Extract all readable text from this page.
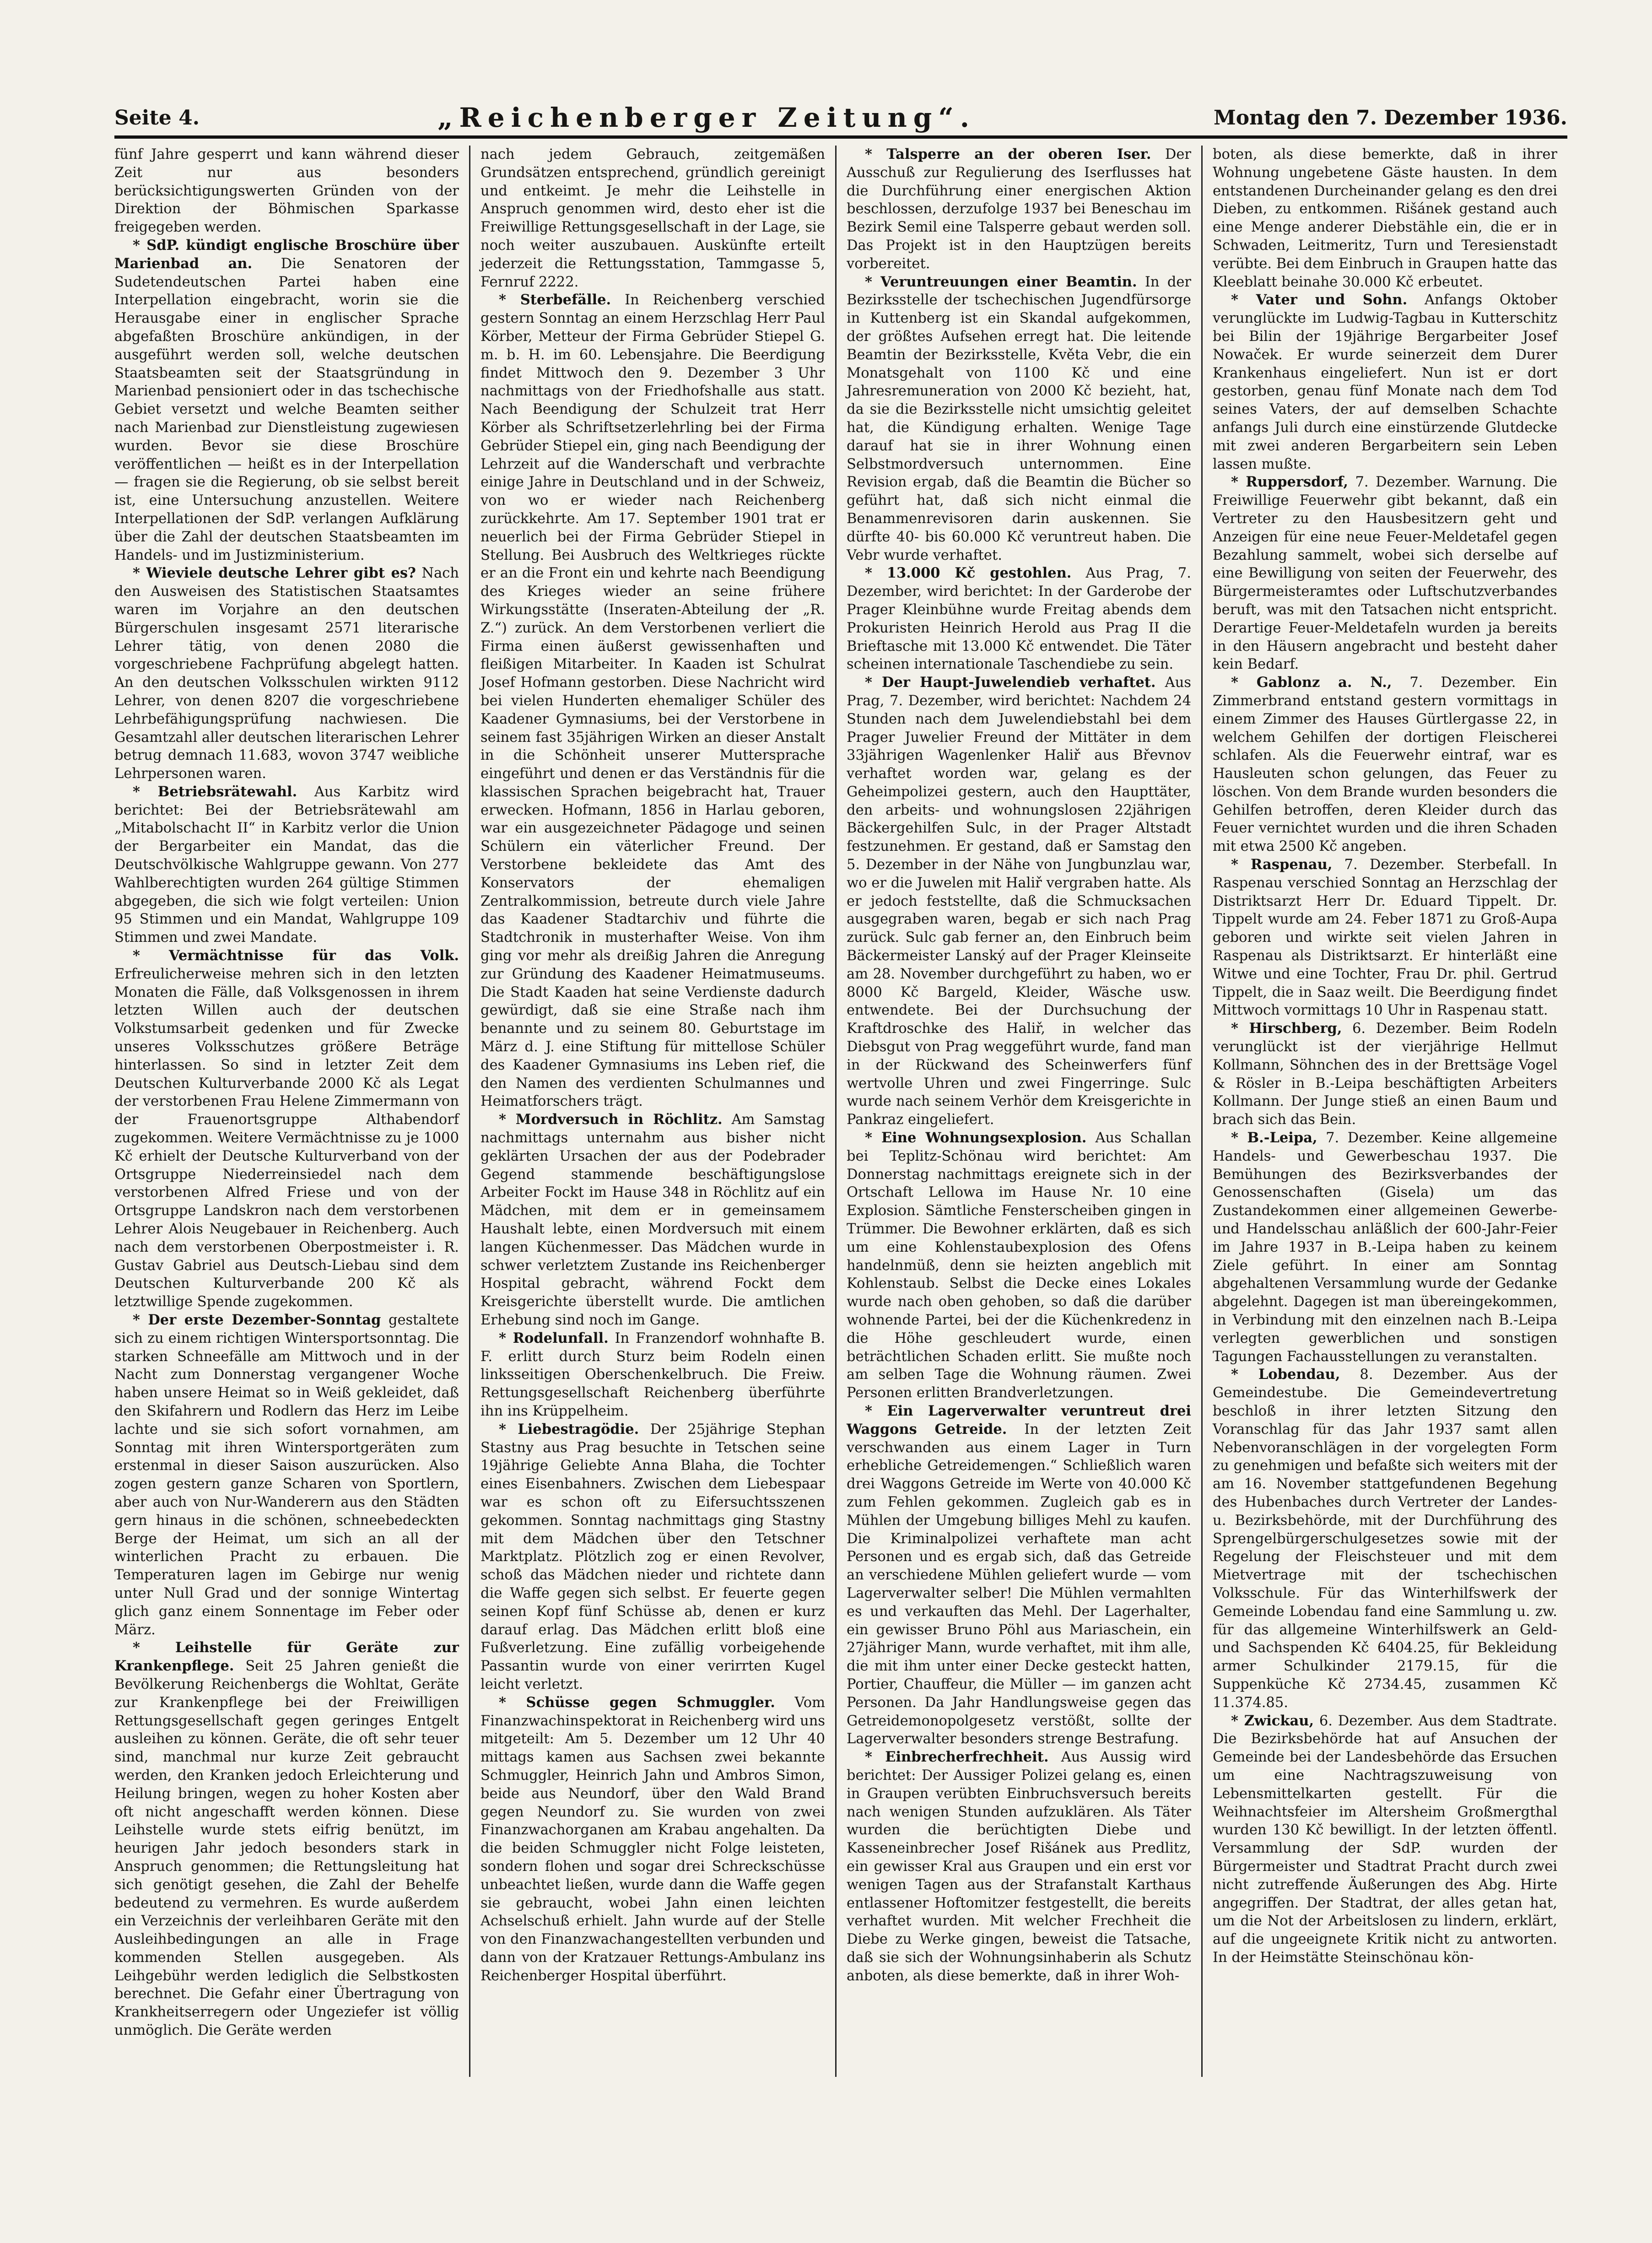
Seite 4.	„Reichenberger Zeitung“.	Montag den 7. Dezember 1936.

fünf Jahre gesperrt und kann während dieser Zeit nur aus besonders berücksichtigungswerten Gründen von der Direktion der Böhmischen Sparkasse freigegeben werden.

* SdP. kündigt englische Broschüre über Marienbad an. Die Senatoren der Sudetendeutschen Partei haben eine Interpellation eingebracht, worin sie die Herausgabe einer in englischer Sprache abgefaßten Broschüre ankündigen, in der ausgeführt werden soll, welche deutschen Staatsbeamten seit der Staatsgründung in Marienbad pensioniert oder in das tschechische Gebiet versetzt und welche Beamten seither nach Marienbad zur Dienstleistung zugewiesen wurden. Bevor sie diese Broschüre veröffentlichen — heißt es in der Interpellation — fragen sie die Regierung, ob sie selbst bereit ist, eine Untersuchung anzustellen. Weitere Interpellationen der SdP. verlangen Aufklärung über die Zahl der deutschen Staatsbeamten im Handels- und im Justizministerium.

* Wieviele deutsche Lehrer gibt es? Nach den Ausweisen des Statistischen Staatsamtes waren im Vorjahre an den deutschen Bürgerschulen insgesamt 2571 literarische Lehrer tätig, von denen 2080 die vorgeschriebene Fachprüfung abgelegt hatten. An den deutschen Volksschulen wirkten 9112 Lehrer, von denen 8207 die vorgeschriebene Lehrbefähigungsprüfung nachwiesen. Die Gesamtzahl aller deutschen literarischen Lehrer betrug demnach 11.683, wovon 3747 weibliche Lehrpersonen waren.

* Betriebsrätewahl. Aus Karbitz wird berichtet: Bei der Betriebsrätewahl am „Mitabolschacht II“ in Karbitz verlor die Union der Bergarbeiter ein Mandat, das die Deutschvölkische Wahlgruppe gewann. Von 277 Wahlberechtigten wurden 264 gültige Stimmen abgegeben, die sich wie folgt verteilen: Union 95 Stimmen und ein Mandat, Wahlgruppe 109 Stimmen und zwei Mandate.

* Vermächtnisse für das Volk. Erfreulicherweise mehren sich in den letzten Monaten die Fälle, daß Volksgenossen in ihrem letzten Willen auch der deutschen Volkstumsarbeit gedenken und für Zwecke unseres Volksschutzes größere Beträge hinterlassen. So sind in letzter Zeit dem Deutschen Kulturverbande 2000 Kč als Legat der verstorbenen Frau Helene Zimmermann von der Frauenortsgruppe Althabendorf zugekommen. Weitere Vermächtnisse zu je 1000 Kč erhielt der Deutsche Kulturverband von der Ortsgruppe Niederreinsiedel nach dem verstorbenen Alfred Friese und von der Ortsgruppe Landskron nach dem verstorbenen Lehrer Alois Neugebauer in Reichenberg. Auch nach dem verstorbenen Oberpostmeister i. R. Gustav Gabriel aus Deutsch-Liebau sind dem Deutschen Kulturverbande 200 Kč als letztwillige Spende zugekommen.

* Der erste Dezember-Sonntag gestaltete sich zu einem richtigen Wintersportsonntag. Die starken Schneefälle am Mittwoch und in der Nacht zum Donnerstag vergangener Woche haben unsere Heimat so in Weiß gekleidet, daß den Skifahrern und Rodlern das Herz im Leibe lachte und sie sich sofort vornahmen, am Sonntag mit ihren Wintersportgeräten zum erstenmal in dieser Saison auszurücken. Also zogen gestern ganze Scharen von Sportlern, aber auch von Nur-Wanderern aus den Städten gern hinaus in die schönen, schneebedeckten Berge der Heimat, um sich an all der winterlichen Pracht zu erbauen. Die Temperaturen lagen im Gebirge nur wenig unter Null Grad und der sonnige Wintertag glich ganz einem Sonnentage im Feber oder März.

* Leihstelle für Geräte zur Krankenpflege. Seit 25 Jahren genießt die Bevölkerung Reichenbergs die Wohltat, Geräte zur Krankenpflege bei der Freiwilligen Rettungsgesellschaft gegen geringes Entgelt ausleihen zu können. Geräte, die oft sehr teuer sind, manchmal nur kurze Zeit gebraucht werden, den Kranken jedoch Erleichterung und Heilung bringen, wegen zu hoher Kosten aber oft nicht angeschafft werden können. Diese Leihstelle wurde stets eifrig benützt, im heurigen Jahr jedoch besonders stark in Anspruch genommen; die Rettungsleitung hat sich genötigt gesehen, die Zahl der Behelfe bedeutend zu vermehren. Es wurde außerdem ein Verzeichnis der verleihbaren Geräte mit den Ausleihbedingungen an alle in Frage kommenden Stellen ausgegeben. Als Leihgebühr werden lediglich die Selbstkosten berechnet. Die Gefahr einer Übertragung von Krankheitserregern oder Ungeziefer ist völlig unmöglich. Die Geräte werden

nach jedem Gebrauch, zeitgemäßen Grundsätzen entsprechend, gründlich gereinigt und entkeimt. Je mehr die Leihstelle in Anspruch genommen wird, desto eher ist die Freiwillige Rettungsgesellschaft in der Lage, sie noch weiter auszubauen. Auskünfte erteilt jederzeit die Rettungsstation, Tammgasse 5, Fernruf 2222.

* Sterbefälle. In Reichenberg verschied gestern Sonntag an einem Herzschlag Herr Paul Körber, Metteur der Firma Gebrüder Stiepel G. m. b. H. im 60. Lebensjahre. Die Beerdigung findet Mittwoch den 9. Dezember 3 Uhr nachmittags von der Friedhofshalle aus statt. Nach Beendigung der Schulzeit trat Herr Körber als Schriftsetzerlehrling bei der Firma Gebrüder Stiepel ein, ging nach Beendigung der Lehrzeit auf die Wanderschaft und verbrachte einige Jahre in Deutschland und in der Schweiz, von wo er wieder nach Reichenberg zurückkehrte. Am 17. September 1901 trat er neuerlich bei der Firma Gebrüder Stiepel in Stellung. Bei Ausbruch des Weltkrieges rückte er an die Front ein und kehrte nach Beendigung des Krieges wieder an seine frühere Wirkungsstätte (Inseraten-Abteilung der „R. Z.“) zurück. An dem Verstorbenen verliert die Firma einen äußerst gewissenhaften und fleißigen Mitarbeiter. In Kaaden ist Schulrat Josef Hofmann gestorben. Diese Nachricht wird bei vielen Hunderten ehemaliger Schüler des Kaadener Gymnasiums, bei der Verstorbene in seinem fast 35jährigen Wirken an dieser Anstalt in die Schönheit unserer Muttersprache eingeführt und denen er das Verständnis für die klassischen Sprachen beigebracht hat, Trauer erwecken. Hofmann, 1856 in Harlau geboren, war ein ausgezeichneter Pädagoge und seinen Schülern ein väterlicher Freund. Der Verstorbene bekleidete das Amt des Konservators der ehemaligen Zentralkommission, betreute durch viele Jahre das Kaadener Stadtarchiv und führte die Stadtchronik in musterhafter Weise. Von ihm ging vor mehr als dreißig Jahren die Anregung zur Gründung des Kaadener Heimatmuseums. Die Stadt Kaaden hat seine Verdienste dadurch gewürdigt, daß sie eine Straße nach ihm benannte und zu seinem 80. Geburtstage im März d. J. eine Stiftung für mittellose Schüler des Kaadener Gymnasiums ins Leben rief, die den Namen des verdienten Schulmannes und Heimatforschers trägt.

* Mordversuch in Röchlitz. Am Samstag nachmittags unternahm aus bisher nicht geklärten Ursachen der aus der Podebrader Gegend stammende beschäftigungslose Arbeiter Fockt im Hause 348 in Röchlitz auf ein Mädchen, mit dem er in gemeinsamem Haushalt lebte, einen Mordversuch mit einem langen Küchenmesser. Das Mädchen wurde in schwer verletztem Zustande ins Reichenberger Hospital gebracht, während Fockt dem Kreisgerichte überstellt wurde. Die amtlichen Erhebung sind noch im Gange.

* Rodelunfall. In Franzendorf wohnhafte B. F. erlitt durch Sturz beim Rodeln einen linksseitigen Oberschenkelbruch. Die Freiw. Rettungsgesellschaft Reichenberg überführte ihn ins Krüppelheim.

* Liebestragödie. Der 25jährige Stephan Stastny aus Prag besuchte in Tetschen seine 19jährige Geliebte Anna Blaha, die Tochter eines Eisenbahners. Zwischen dem Liebespaar war es schon oft zu Eifersuchtsszenen gekommen. Sonntag nachmittags ging Stastny mit dem Mädchen über den Tetschner Marktplatz. Plötzlich zog er einen Revolver, schoß das Mädchen nieder und richtete dann die Waffe gegen sich selbst. Er feuerte gegen seinen Kopf fünf Schüsse ab, denen er kurz darauf erlag. Das Mädchen erlitt bloß eine Fußverletzung. Eine zufällig vorbeigehende Passantin wurde von einer verirrten Kugel leicht verletzt.

* Schüsse gegen Schmuggler. Vom Finanzwachinspektorat in Reichenberg wird uns mitgeteilt: Am 5. Dezember um 12 Uhr 40 mittags kamen aus Sachsen zwei bekannte Schmuggler, Heinrich Jahn und Ambros Simon, beide aus Neundorf, über den Wald Brand gegen Neundorf zu. Sie wurden von zwei Finanzwachorganen am Krabau angehalten. Da die beiden Schmuggler nicht Folge leisteten, sondern flohen und sogar drei Schreckschüsse unbeachtet ließen, wurde dann die Waffe gegen sie gebraucht, wobei Jahn einen leichten Achselschuß erhielt. Jahn wurde auf der Stelle von den Finanzwachangestellten verbunden und dann von der Kratzauer Rettungs-Ambulanz ins Reichenberger Hospital überführt.

* Talsperre an der oberen Iser. Der Ausschuß zur Regulierung des Iserflusses hat die Durchführung einer energischen Aktion beschlossen, derzufolge 1937 bei Beneschau im Bezirk Semil eine Talsperre gebaut werden soll. Das Projekt ist in den Hauptzügen bereits vorbereitet.

* Veruntreuungen einer Beamtin. In der Bezirksstelle der tschechischen Jugendfürsorge in Kuttenberg ist ein Skandal aufgekommen, der größtes Aufsehen erregt hat. Die leitende Beamtin der Bezirksstelle, Květa Vebr, die ein Monatsgehalt von 1100 Kč und eine Jahresremuneration von 2000 Kč bezieht, hat, da sie die Bezirksstelle nicht umsichtig geleitet hat, die Kündigung erhalten. Wenige Tage darauf hat sie in ihrer Wohnung einen Selbstmordversuch unternommen. Eine Revision ergab, daß die Beamtin die Bücher so geführt hat, daß sich nicht einmal die Benammenrevisoren darin auskennen. Sie dürfte 40- bis 60.000 Kč veruntreut haben. Die Vebr wurde verhaftet.

* 13.000 Kč gestohlen. Aus Prag, 7. Dezember, wird berichtet: In der Garderobe der Prager Kleinbühne wurde Freitag abends dem Prokuristen Heinrich Herold aus Prag II die Brieftasche mit 13.000 Kč entwendet. Die Täter scheinen internationale Taschendiebe zu sein.

* Der Haupt-Juwelendieb verhaftet. Aus Prag, 7. Dezember, wird berichtet: Nachdem 24 Stunden nach dem Juwelendiebstahl bei dem Prager Juwelier Freund der Mittäter in dem 33jährigen Wagenlenker Haliř aus Břevnov verhaftet worden war, gelang es der Geheimpolizei gestern, auch den Haupttäter, den arbeits- und wohnungslosen 22jährigen Bäckergehilfen Sulc, in der Prager Altstadt festzunehmen. Er gestand, daß er Samstag den 5. Dezember in der Nähe von Jungbunzlau war, wo er die Juwelen mit Haliř vergraben hatte. Als er jedoch feststellte, daß die Schmucksachen ausgegraben waren, begab er sich nach Prag zurück. Sulc gab ferner an, den Einbruch beim Bäckermeister Lanský auf der Prager Kleinseite am 28. November durchgeführt zu haben, wo er 8000 Kč Bargeld, Kleider, Wäsche usw. entwendete. Bei der Durchsuchung der Kraftdroschke des Haliř, in welcher das Diebsgut von Prag weggeführt wurde, fand man in der Rückwand des Scheinwerfers fünf wertvolle Uhren und zwei Fingerringe. Sulc wurde nach seinem Verhör dem Kreisgerichte in Pankraz eingeliefert.

* Eine Wohnungsexplosion. Aus Schallan bei Teplitz-Schönau wird berichtet: Am Donnerstag nachmittags ereignete sich in der Ortschaft Lellowa im Hause Nr. 10 eine Explosion. Sämtliche Fensterscheiben gingen in Trümmer. Die Bewohner erklärten, daß es sich um eine Kohlenstaubexplosion des Ofens handelnmüß, denn sie heizten angeblich mit Kohlenstaub. Selbst die Decke eines Lokales wurde nach oben gehoben, so daß die darüber wohnende Partei, bei der die Küchenkredenz in die Höhe geschleudert wurde, einen beträchtlichen Schaden erlitt. Sie mußte noch am selben Tage die Wohnung räumen. Zwei Personen erlitten Brandverletzungen.

* Ein Lagerverwalter veruntreut drei Waggons Getreide. In der letzten Zeit verschwanden aus einem Lager in Turn erhebliche Getreidemengen.“ Schließlich waren drei Waggons Getreide im Werte von 40.000 Kč zum Fehlen gekommen. Zugleich gab es in Mühlen der Umgebung billiges Mehl zu kaufen. Die Kriminalpolizei verhaftete man acht Personen und es ergab sich, daß das Getreide an verschiedene Mühlen geliefert wurde — vom Lagerverwalter selber! Die Mühlen vermahlten es und verkauften das Mehl. Der Lagerhalter, ein gewisser Bruno Pöhl aus Mariaschein, ein 27jähriger Mann, wurde verhaftet, mit ihm alle, die mit ihm unter einer Decke gesteckt hatten, Portier, Chauffeur, die Müller — im ganzen acht Personen. Da Jahr Handlungsweise gegen das Getreidemonopolgesetz verstößt, sollte der Lagerverwalter besonders strenge Bestrafung.

* Einbrecherfrechheit. Aus Aussig wird berichtet: Der Aussiger Polizei gelang es, einen in Graupen verübten Einbruchsversuch bereits nach wenigen Stunden aufzuklären. Als Täter wurden die berüchtigten Diebe und Kasseneinbrecher Josef Rišánek aus Predlitz, ein gewisser Kral aus Graupen und ein erst vor wenigen Tagen aus der Strafanstalt Karthaus entlassener Hoftomitzer festgestellt, die bereits verhaftet wurden. Mit welcher Frechheit die Diebe zu Werke gingen, beweist die Tatsache, daß sie sich der Wohnungsinhaberin als Schutz anboten, als diese bemerkte, daß in ihrer Woh-

boten, als diese bemerkte, daß in ihrer Wohnung ungebetene Gäste hausten. In dem entstandenen Durcheinander gelang es den drei Dieben, zu entkommen. Rišánek gestand auch eine Menge anderer Diebstähle ein, die er in Schwaden, Leitmeritz, Turn und Teresienstadt verübte. Bei dem Einbruch in Graupen hatte das Kleeblatt beinahe 30.000 Kč erbeutet.

* Vater und Sohn. Anfangs Oktober verunglückte im Ludwig-Tagbau in Kutterschitz bei Bilin der 19jährige Bergarbeiter Josef Nowaček. Er wurde seinerzeit dem Durer Krankenhaus eingeliefert. Nun ist er dort gestorben, genau fünf Monate nach dem Tod seines Vaters, der auf demselben Schachte anfangs Juli durch eine einstürzende Glutdecke mit zwei anderen Bergarbeitern sein Leben lassen mußte.

* Ruppersdorf, 7. Dezember. Warnung. Die Freiwillige Feuerwehr gibt bekannt, daß ein Vertreter zu den Hausbesitzern geht und Anzeigen für eine neue Feuer-Meldetafel gegen Bezahlung sammelt, wobei sich derselbe auf eine Bewilligung von seiten der Feuerwehr, des Bürgermeisteramtes oder Luftschutzverbandes beruft, was mit den Tatsachen nicht entspricht. Derartige Feuer-Meldetafeln wurden ja bereits in den Häusern angebracht und besteht daher kein Bedarf.

* Gablonz a. N., 7. Dezember. Ein Zimmerbrand entstand gestern vormittags in einem Zimmer des Hauses Gürtlergasse 22, in welchem Gehilfen der dortigen Fleischerei schlafen. Als die Feuerwehr eintraf, war es Hausleuten schon gelungen, das Feuer zu löschen. Von dem Brande wurden besonders die Gehilfen betroffen, deren Kleider durch das Feuer vernichtet wurden und die ihren Schaden mit etwa 2500 Kč angeben.

* Raspenau, 7. Dezember. Sterbefall. In Raspenau verschied Sonntag an Herzschlag der Distriktsarzt Herr Dr. Eduard Tippelt. Dr. Tippelt wurde am 24. Feber 1871 zu Groß-Aupa geboren und wirkte seit vielen Jahren in Raspenau als Distriktsarzt. Er hinterläßt eine Witwe und eine Tochter, Frau Dr. phil. Gertrud Tippelt, die in Saaz weilt. Die Beerdigung findet Mittwoch vormittags 10 Uhr in Raspenau statt.

* Hirschberg, 6. Dezember. Beim Rodeln verunglückt ist der vierjährige Hellmut Kollmann, Söhnchen des in der Brettsäge Vogel & Rösler in B.-Leipa beschäftigten Arbeiters Kollmann. Der Junge stieß an einen Baum und brach sich das Bein.

* B.-Leipa, 7. Dezember. Keine allgemeine Handels- und Gewerbeschau 1937. Die Bemühungen des Bezirksverbandes der Genossenschaften (Gisela) um das Zustandekommen einer allgemeinen Gewerbe- und Handelsschau anläßlich der 600-Jahr-Feier im Jahre 1937 in B.-Leipa haben zu keinem Ziele geführt. In einer am Sonntag abgehaltenen Versammlung wurde der Gedanke abgelehnt. Dagegen ist man übereingekommen, in Verbindung mit den einzelnen nach B.-Leipa verlegten gewerblichen und sonstigen Tagungen Fachausstellungen zu veranstalten.

* Lobendau, 8. Dezember. Aus der Gemeindestube. Die Gemeindevertretung beschloß in ihrer letzten Sitzung den Voranschlag für das Jahr 1937 samt allen Nebenvoranschlägen in der vorgelegten Form zu genehmigen und befaßte sich weiters mit der am 16. November stattgefundenen Begehung des Hubenbaches durch Vertreter der Landes- u. Bezirksbehörde, mit der Durchführung des Sprengelbürgerschulgesetzes sowie mit der Regelung der Fleischsteuer und mit dem Mietvertrage mit der tschechischen Volksschule. Für das Winterhilfswerk der Gemeinde Lobendau fand eine Sammlung u. zw. für das allgemeine Winterhilfswerk an Geld- und Sachspenden Kč 6404.25, für Bekleidung armer Schulkinder 2179.15, für die Suppenküche Kč 2734.45, zusammen Kč 11.374.85.

* Zwickau, 6. Dezember. Aus dem Stadtrate. Die Bezirksbehörde hat auf Ansuchen der Gemeinde bei der Landesbehörde das Ersuchen um eine Nachtragszuweisung von Lebensmittelkarten gestellt. Für die Weihnachtsfeier im Altersheim Großmergthal wurden 130 Kč bewilligt. In der letzten öffentl. Versammlung der SdP. wurden der Bürgermeister und Stadtrat Pracht durch zwei nicht zutreffende Äußerungen des Abg. Hirte angegriffen. Der Stadtrat, der alles getan hat, um die Not der Arbeitslosen zu lindern, erklärt, auf die ungeeignete Kritik nicht zu antworten. In der Heimstätte Steinschönau kön-
